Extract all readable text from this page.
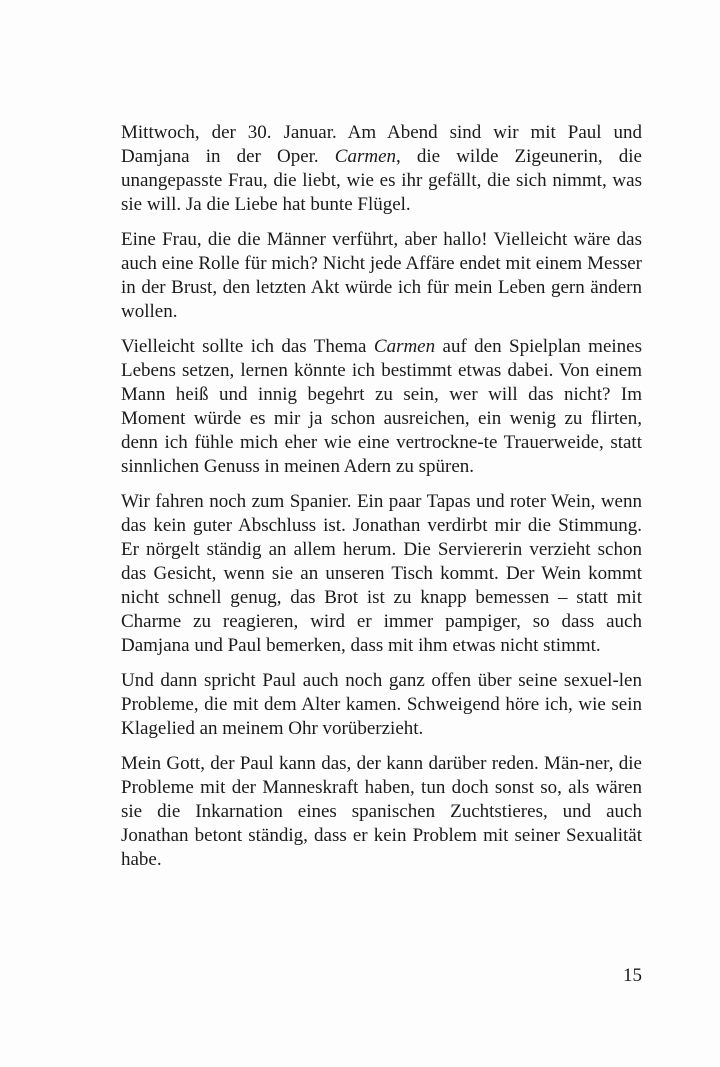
Mittwoch, der 30. Januar. Am Abend sind wir mit Paul und Damjana in der Oper. Carmen, die wilde Zigeunerin, die unangepasste Frau, die liebt, wie es ihr gefällt, die sich nimmt, was sie will. Ja die Liebe hat bunte Flügel.

Eine Frau, die die Männer verführt, aber hallo! Vielleicht wäre das auch eine Rolle für mich? Nicht jede Affäre endet mit einem Messer in der Brust, den letzten Akt würde ich für mein Leben gern ändern wollen.

Vielleicht sollte ich das Thema Carmen auf den Spielplan meines Lebens setzen, lernen könnte ich bestimmt etwas dabei. Von einem Mann heiß und innig begehrt zu sein, wer will das nicht? Im Moment würde es mir ja schon ausreichen, ein wenig zu flirten, denn ich fühle mich eher wie eine vertrockne-te Trauerweide, statt sinnlichen Genuss in meinen Adern zu spüren.

Wir fahren noch zum Spanier. Ein paar Tapas und roter Wein, wenn das kein guter Abschluss ist. Jonathan verdirbt mir die Stimmung. Er nörgelt ständig an allem herum. Die Serviererin verzieht schon das Gesicht, wenn sie an unseren Tisch kommt. Der Wein kommt nicht schnell genug, das Brot ist zu knapp bemessen – statt mit Charme zu reagieren, wird er immer pampiger, so dass auch Damjana und Paul bemerken, dass mit ihm etwas nicht stimmt.

Und dann spricht Paul auch noch ganz offen über seine sexuel-len Probleme, die mit dem Alter kamen. Schweigend höre ich, wie sein Klagelied an meinem Ohr vorüberzieht.

Mein Gott, der Paul kann das, der kann darüber reden. Män-ner, die Probleme mit der Manneskraft haben, tun doch sonst so, als wären sie die Inkarnation eines spanischen Zuchtstieres, und auch Jonathan betont ständig, dass er kein Problem mit seiner Sexualität habe.

15
